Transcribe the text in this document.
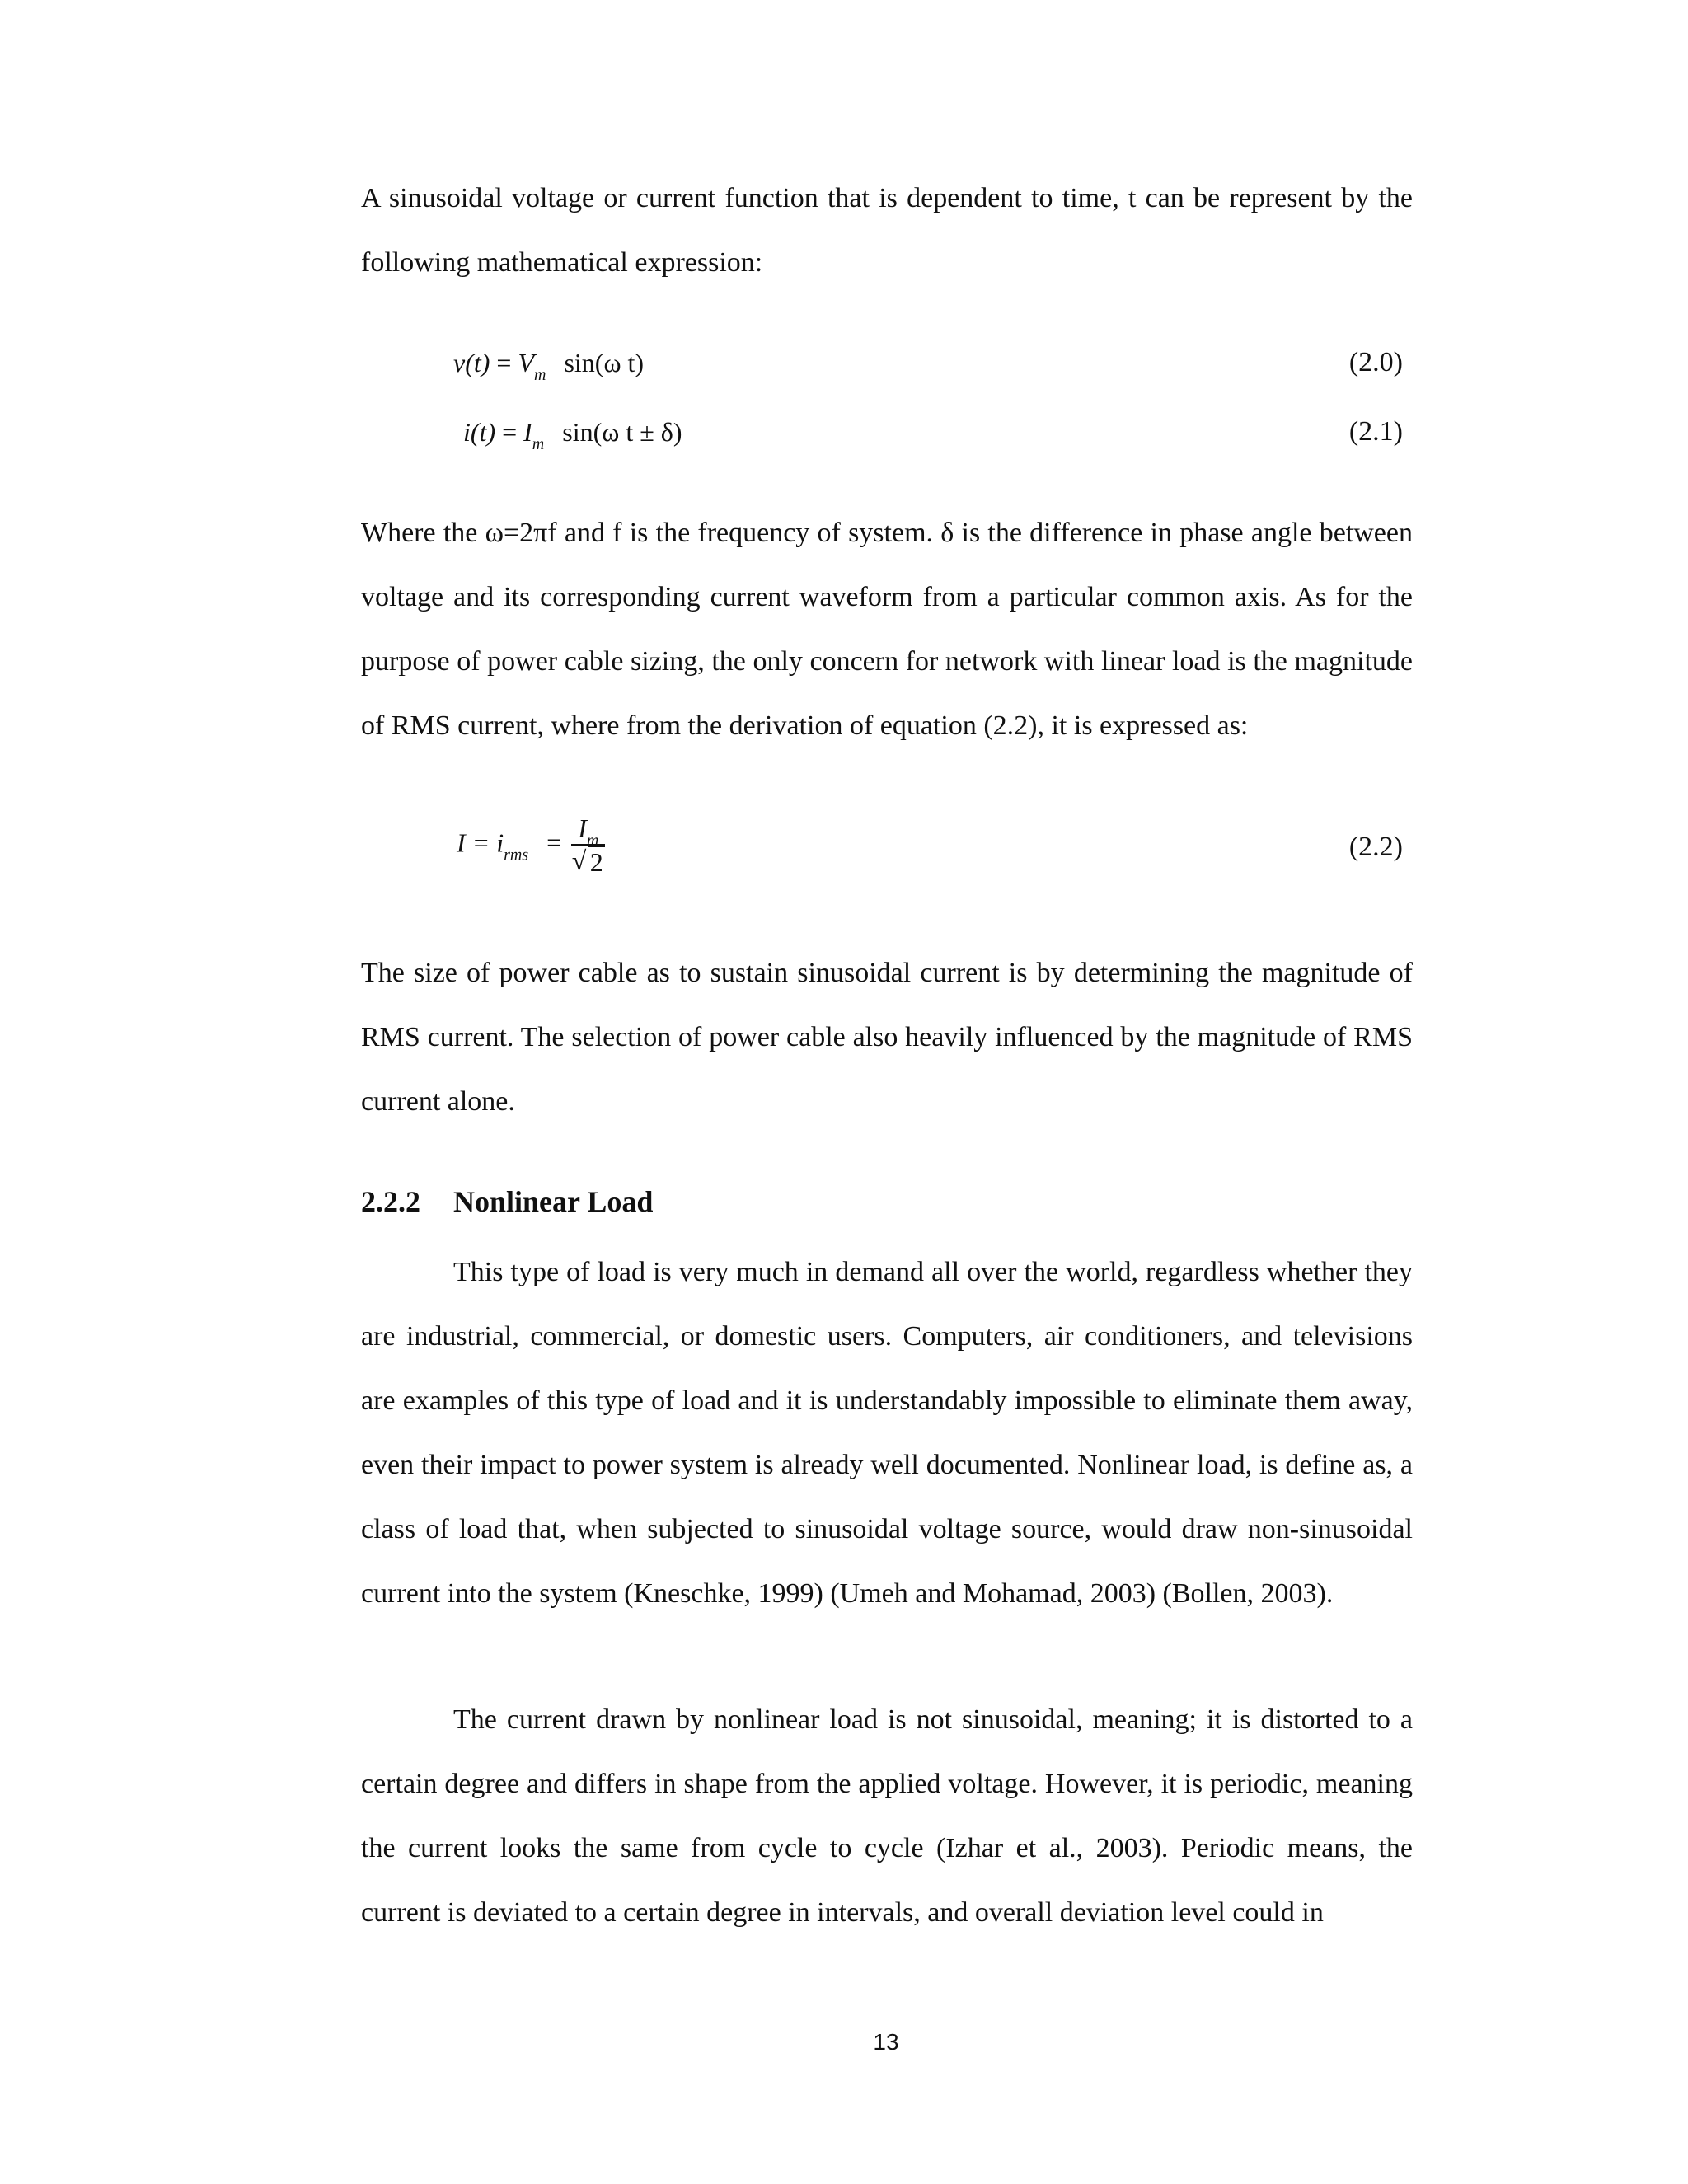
A sinusoidal voltage or current function that is dependent to time, t can be represent by the following mathematical expression:

$v(t) = V_m$ sin(ω t)	(2.0)
$i(t) = I_m$ sin(ω t ± δ)	(2.1)

Where the ω=2πf and f is the frequency of system. δ is the difference in phase angle between voltage and its corresponding current waveform from a particular common axis. As for the purpose of power cable sizing, the only concern for network with linear load is the magnitude of RMS current, where from the derivation of equation (2.2), it is expressed as:

$I = i_{rms} = \frac{I_m}{√ 2}$	(2.2)

The size of power cable as to sustain sinusoidal current is by determining the magnitude of RMS current. The selection of power cable also heavily influenced by the magnitude of RMS current alone.

2.2.2 Nonlinear Load

This type of load is very much in demand all over the world, regardless whether they are industrial, commercial, or domestic users. Computers, air conditioners, and televisions are examples of this type of load and it is understandably impossible to eliminate them away, even their impact to power system is already well documented. Nonlinear load, is define as, a class of load that, when subjected to sinusoidal voltage source, would draw non-sinusoidal current into the system (Kneschke, 1999) (Umeh and Mohamad, 2003) (Bollen, 2003).

The current drawn by nonlinear load is not sinusoidal, meaning; it is distorted to a certain degree and differs in shape from the applied voltage. However, it is periodic, meaning the current looks the same from cycle to cycle (Izhar et al., 2003). Periodic means, the current is deviated to a certain degree in intervals, and overall deviation level could in

13
